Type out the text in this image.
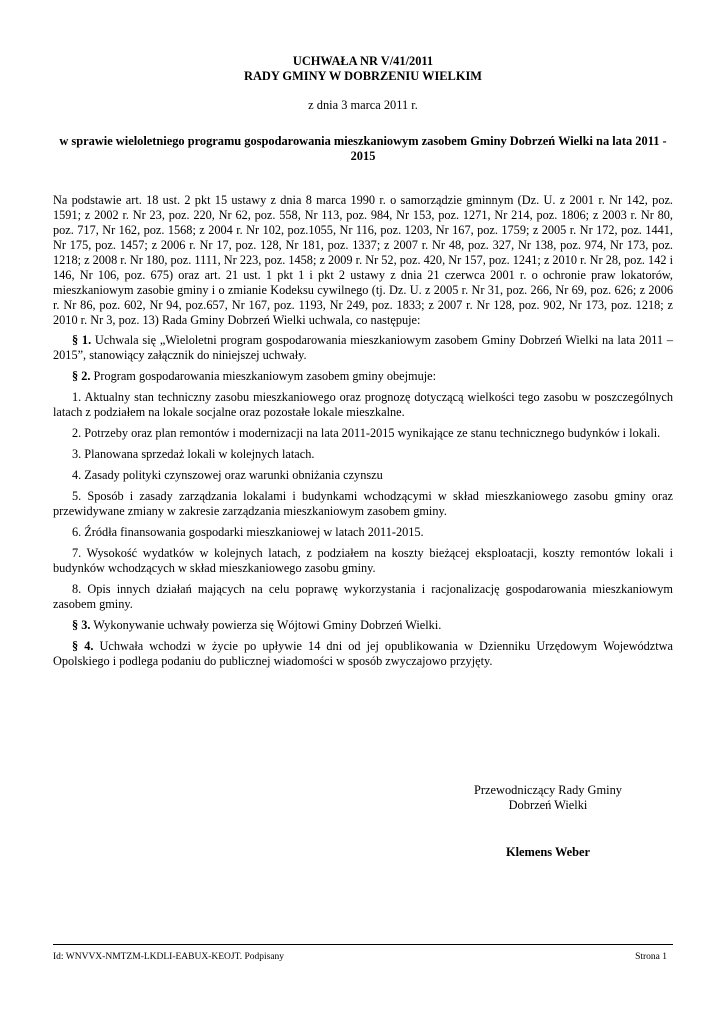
UCHWAŁA NR V/41/2011
RADY GMINY W DOBRZENIU WIELKIM
z dnia 3 marca 2011 r.
w sprawie wieloletniego programu gospodarowania mieszkaniowym zasobem Gminy Dobrzeń Wielki na lata 2011 - 2015

Na podstawie art. 18 ust. 2 pkt 15 ustawy z dnia 8 marca 1990 r. o samorządzie gminnym (Dz. U. z 2001 r. Nr 142, poz. 1591; z 2002 r. Nr 23, poz. 220, Nr 62, poz. 558, Nr 113, poz. 984, Nr 153, poz. 1271, Nr 214, poz. 1806; z 2003 r. Nr 80, poz. 717, Nr 162, poz. 1568; z 2004 r. Nr 102, poz.1055, Nr 116, poz. 1203, Nr 167, poz. 1759; z 2005 r. Nr 172, poz. 1441, Nr 175, poz. 1457; z 2006 r. Nr 17, poz. 128, Nr 181, poz. 1337; z 2007 r. Nr 48, poz. 327, Nr 138, poz. 974, Nr 173, poz. 1218; z 2008 r. Nr 180, poz. 1111, Nr 223, poz. 1458; z 2009 r. Nr 52, poz. 420, Nr 157, poz. 1241; z 2010 r. Nr 28, poz. 142 i 146, Nr 106, poz. 675) oraz art. 21 ust. 1 pkt 1 i pkt 2 ustawy z dnia 21 czerwca 2001 r. o ochronie praw lokatorów, mieszkaniowym zasobie gminy i o zmianie Kodeksu cywilnego (tj. Dz. U. z 2005 r. Nr 31, poz. 266, Nr 69, poz. 626; z 2006 r. Nr 86, poz. 602, Nr 94, poz.657, Nr 167, poz. 1193, Nr 249, poz. 1833; z 2007 r. Nr 128, poz. 902, Nr 173, poz. 1218; z 2010 r. Nr 3, poz. 13) Rada Gminy Dobrzeń Wielki uchwala, co następuje:

§ 1. Uchwala się „Wieloletni program gospodarowania mieszkaniowym zasobem Gminy Dobrzeń Wielki na lata 2011 – 2015”, stanowiący załącznik do niniejszej uchwały.

§ 2. Program gospodarowania mieszkaniowym zasobem gminy obejmuje:

1. Aktualny stan techniczny zasobu mieszkaniowego oraz prognozę dotyczącą wielkości tego zasobu w poszczególnych latach z podziałem na lokale socjalne oraz pozostałe lokale mieszkalne.

2. Potrzeby oraz plan remontów i modernizacji na lata 2011-2015 wynikające ze stanu technicznego budynków i lokali.

3. Planowana sprzedaż lokali w kolejnych latach.

4. Zasady polityki czynszowej oraz warunki obniżania czynszu

5. Sposób i zasady zarządzania lokalami i budynkami wchodzącymi w skład mieszkaniowego zasobu gminy oraz przewidywane zmiany w zakresie zarządzania mieszkaniowym zasobem gminy.

6. Źródła finansowania gospodarki mieszkaniowej w latach 2011-2015.

7. Wysokość wydatków w kolejnych latach, z podziałem na koszty bieżącej eksploatacji, koszty remontów lokali i budynków wchodzących w skład mieszkaniowego zasobu gminy.

8. Opis innych działań mających na celu poprawę wykorzystania i racjonalizację gospodarowania mieszkaniowym zasobem gminy.

§ 3. Wykonywanie uchwały powierza się Wójtowi Gminy Dobrzeń Wielki.

§ 4. Uchwała wchodzi w życie po upływie 14 dni od jej opublikowania w Dzienniku Urzędowym Województwa Opolskiego i podlega podaniu do publicznej wiadomości w sposób zwyczajowo przyjęty.

Przewodniczący Rady Gminy
Dobrzeń Wielki
Klemens Weber
Id: WNVVX-NMTZM-LKDLI-EABUX-KEOJT. Podpisany	Strona 1
